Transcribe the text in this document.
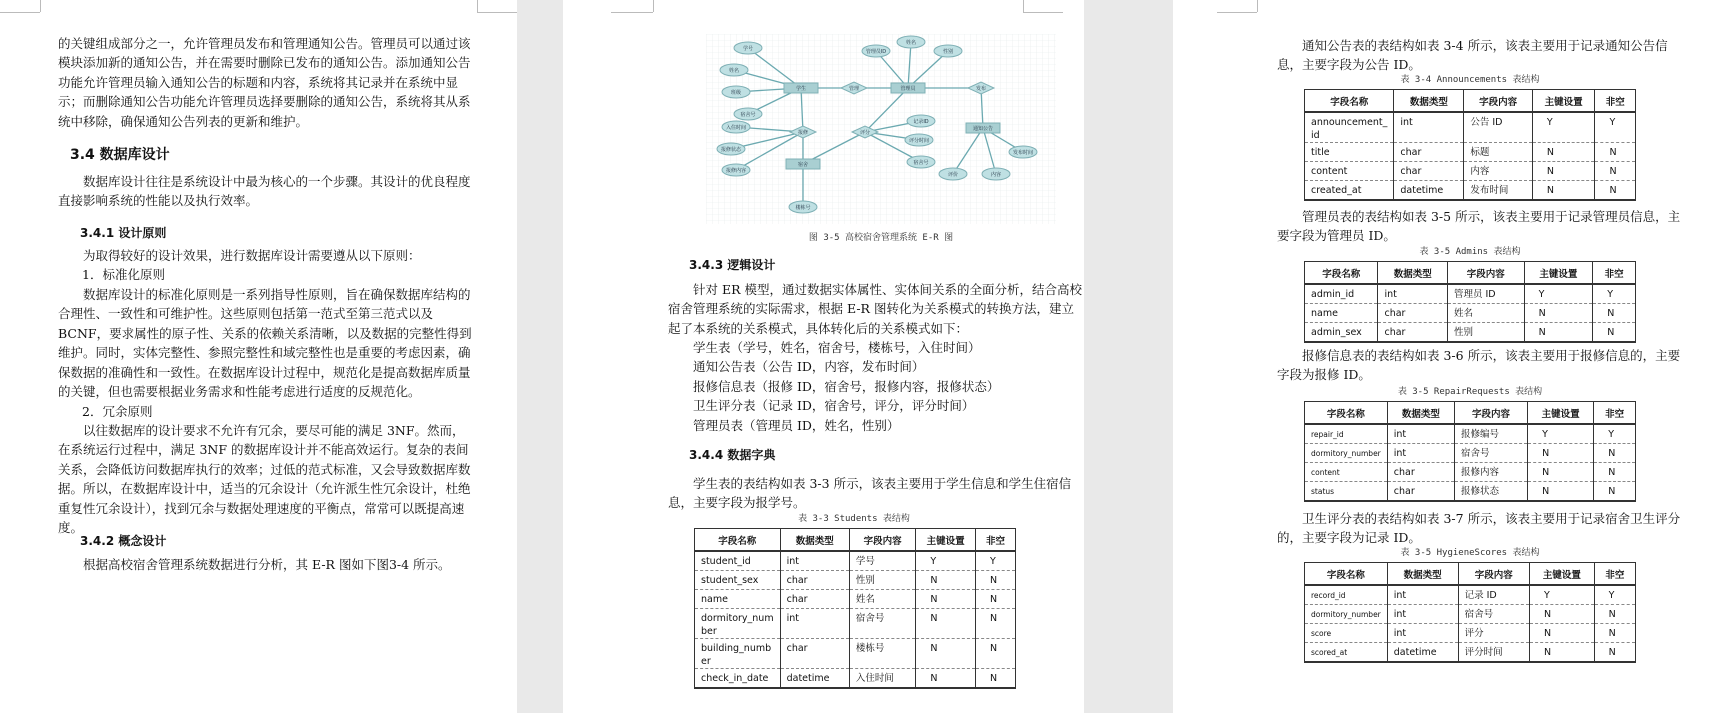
的关键组成部分之一，允许管理员发布和管理通知公告。管理员可以通过该模块添加新的通知公告，并在需要时删除已发布的通知公告。添加通知公告功能允许管理员输入通知公告的标题和内容，系统将其记录并在系统中显示；而删除通知公告功能允许管理员选择要删除的通知公告，系统将其从系统中移除，确保通知公告列表的更新和维护。

3.4 数据库设计

数据库设计往往是系统设计中最为核心的一个步骤。其设计的优良程度直接影响系统的性能以及执行效率。

3.4.1 设计原则

为取得较好的设计效果，进行数据库设计需要遵从以下原则：

1．标准化原则

数据库设计的标准化原则是一系列指导性原则，旨在确保数据库结构的合理性、一致性和可维护性。这些原则包括第一范式至第三范式以及 BCNF，要求属性的原子性、关系的依赖关系清晰，以及数据的完整性得到维护。同时，实体完整性、参照完整性和域完整性也是重要的考虑因素，确保数据的准确性和一致性。在数据库设计过程中，规范化是提高数据库质量的关键，但也需要根据业务需求和性能考虑进行适度的反规范化。

2．冗余原则

以往数据库的设计要求不允许有冗余，要尽可能的满足 3NF。然而，在系统运行过程中，满足 3NF 的数据库设计并不能高效运行。复杂的表间关系，会降低访问数据库执行的效率；过低的范式标准，又会导致数据库数据。所以，在数据库设计中，适当的冗余设计（允许派生性冗余设计，杜绝重复性冗余设计），找到冗余与数据处理速度的平衡点，常常可以既提高速度。

3.4.2 概念设计

根据高校宿舍管理系统数据进行分析，其 E-R 图如下图3-4 所示。

学号
姓名
班级
宿舍号
学生	管理员
管理员ID
姓名
性别
管理	发布
通知公告
报修
入住时间
报修状态
报修内容
宿舍
楼栋号
评分
记录ID
评分时间
宿舍号
评价	内容
发布时间
图 3-5 高校宿舍管理系统 E-R 图
3.4.3 逻辑设计

针对 ER 模型，通过数据实体属性、实体间关系的全面分析，结合高校宿舍管理系统的实际需求，根据 E-R 图转化为关系模式的转换方法，建立起了本系统的关系模式，具体转化后的关系模式如下：

学生表（学号，姓名，宿舍号，楼栋号，入住时间）
通知公告表（公告 ID，内容，发布时间）
报修信息表（报修 ID，宿舍号，报修内容，报修状态）
卫生评分表（记录 ID，宿舍号，评分，评分时间）
管理员表（管理员 ID，姓名，性别）
3.4.4 数据字典

学生表的表结构如表 3-3 所示，该表主要用于学生信息和学生住宿信息，主要字段为报学号。

表 3-3 Students 表结构
字段名称	数据类型	字段内容	主键设置	非空
student_id	int	学号	Y	Y
student_sex	char	性别	N	N
name	char	姓名	N	N
dormitory_num ber	int	宿舍号	N	N
building_numb er	char	楼栋号	N	N
check_in_date	datetime	入住时间	N	N

通知公告表的表结构如表 3-4 所示，该表主要用于记录通知公告信息，主要字段为公告 ID。

表 3-4 Announcements 表结构
字段名称	数据类型	字段内容	主键设置	非空
announcement_ id	int	公告 ID	Y	Y
title	char	标题	N	N
content	char	内容	N	N
created_at	datetime	发布时间	N	N

管理员表的表结构如表 3-5 所示，该表主要用于记录管理员信息，主要字段为管理员 ID。

表 3-5 Admins 表结构
字段名称	数据类型	字段内容	主键设置	非空
admin_id	int	管理员 ID	Y	Y
name	char	姓名	N	N
admin_sex	char	性别	N	N

报修信息表的表结构如表 3-6 所示，该表主要用于报修信息的，主要字段为报修 ID。

表 3-5 RepairRequests 表结构
字段名称	数据类型	字段内容	主键设置	非空
repair_id	int	报修编号	Y	Y
dormitory_number	int	宿舍号	N	N
content	char	报修内容	N	N
status	char	报修状态	N	N

卫生评分表的表结构如表 3-7 所示，该表主要用于记录宿舍卫生评分的，主要字段为记录 ID。

表 3-5 HygieneScores 表结构
字段名称	数据类型	字段内容	主键设置	非空
record_id	int	记录 ID	Y	Y
dormitory_number	int	宿舍号	N	N
score	int	评分	N	N
scored_at	datetime	评分时间	N	N
